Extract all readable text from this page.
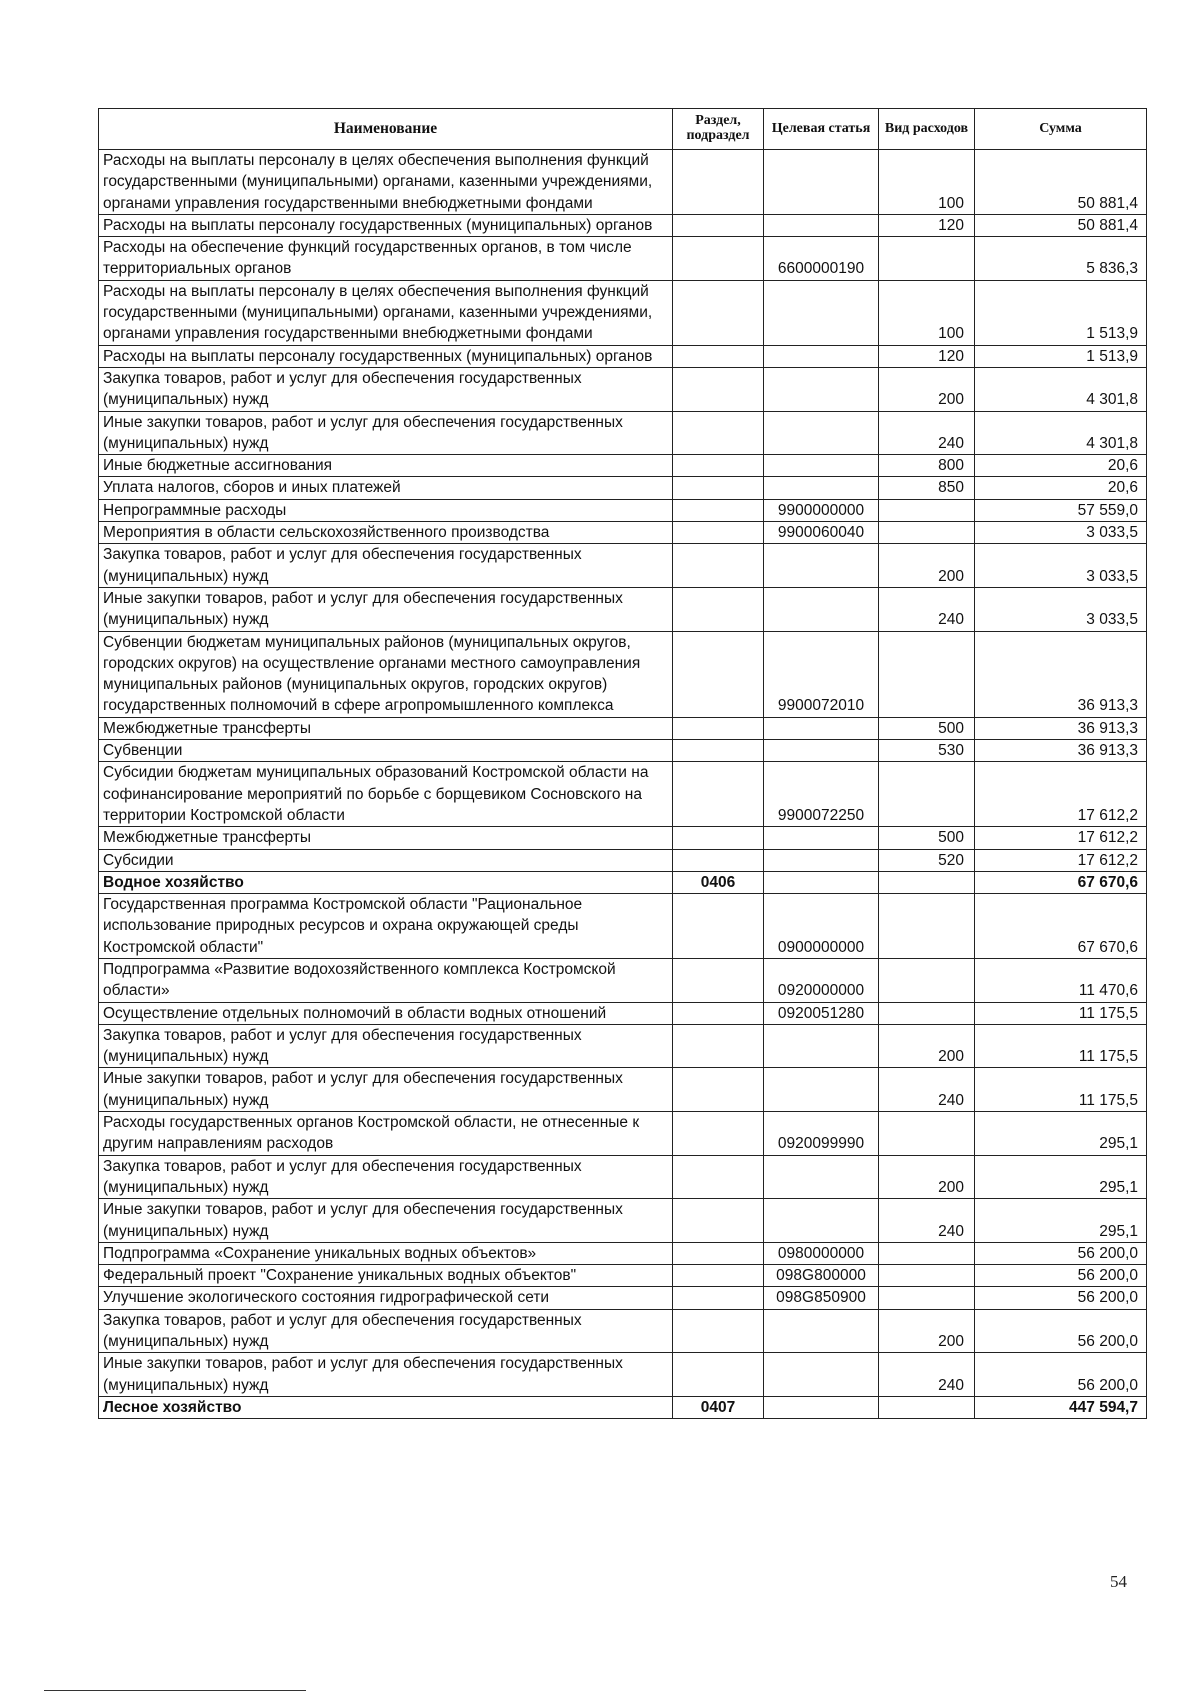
Наименование	Раздел, подраздел	Целевая статья	Вид расходов	Сумма
Расходы на выплаты персоналу в целях обеспечения выполнения функций государственными (муниципальными) органами, казенными учреждениями, органами управления государственными внебюджетными фондами			100	50 881,4
Расходы на выплаты персоналу государственных (муниципальных) органов			120	50 881,4
Расходы на обеспечение функций государственных органов, в том числе территориальных органов		6600000190		5 836,3
Расходы на выплаты персоналу в целях обеспечения выполнения функций государственными (муниципальными) органами, казенными учреждениями, органами управления государственными внебюджетными фондами			100	1 513,9
Расходы на выплаты персоналу государственных (муниципальных) органов			120	1 513,9
Закупка товаров, работ и услуг для обеспечения государственных (муниципальных) нужд			200	4 301,8
Иные закупки товаров, работ и услуг для обеспечения государственных (муниципальных) нужд			240	4 301,8
Иные бюджетные ассигнования			800	20,6
Уплата налогов, сборов и иных платежей			850	20,6
Непрограммные расходы		9900000000		57 559,0
Мероприятия в области сельскохозяйственного производства		9900060040		3 033,5
Закупка товаров, работ и услуг для обеспечения государственных (муниципальных) нужд			200	3 033,5
Иные закупки товаров, работ и услуг для обеспечения государственных (муниципальных) нужд			240	3 033,5
Субвенции бюджетам муниципальных районов (муниципальных округов, городских округов) на осуществление органами местного самоуправления муниципальных районов (муниципальных округов, городских округов) государственных полномочий в сфере агропромышленного комплекса		9900072010		36 913,3
Межбюджетные трансферты			500	36 913,3
Субвенции			530	36 913,3
Субсидии бюджетам муниципальных образований Костромской области на софинансирование мероприятий по борьбе с борщевиком Сосновского на территории Костромской области		9900072250		17 612,2
Межбюджетные трансферты			500	17 612,2
Субсидии			520	17 612,2
Водное хозяйство	0406			67 670,6
Государственная программа Костромской области "Рациональное использование природных ресурсов и охрана окружающей среды Костромской области"		0900000000		67 670,6
Подпрограмма «Развитие водохозяйственного комплекса Костромской области»		0920000000		11 470,6
Осуществление отдельных полномочий в области водных отношений		0920051280		11 175,5
Закупка товаров, работ и услуг для обеспечения государственных (муниципальных) нужд			200	11 175,5
Иные закупки товаров, работ и услуг для обеспечения государственных (муниципальных) нужд			240	11 175,5
Расходы государственных органов Костромской области, не отнесенные к другим направлениям расходов		0920099990		295,1
Закупка товаров, работ и услуг для обеспечения государственных (муниципальных) нужд			200	295,1
Иные закупки товаров, работ и услуг для обеспечения государственных (муниципальных) нужд			240	295,1
Подпрограмма «Сохранение уникальных водных объектов»		0980000000		56 200,0
Федеральный проект "Сохранение уникальных водных объектов"		098G800000		56 200,0
Улучшение экологического состояния гидрографической сети		098G850900		56 200,0
Закупка товаров, работ и услуг для обеспечения государственных (муниципальных) нужд			200	56 200,0
Иные закупки товаров, работ и услуг для обеспечения государственных (муниципальных) нужд			240	56 200,0
Лесное хозяйство	0407			447 594,7
54
